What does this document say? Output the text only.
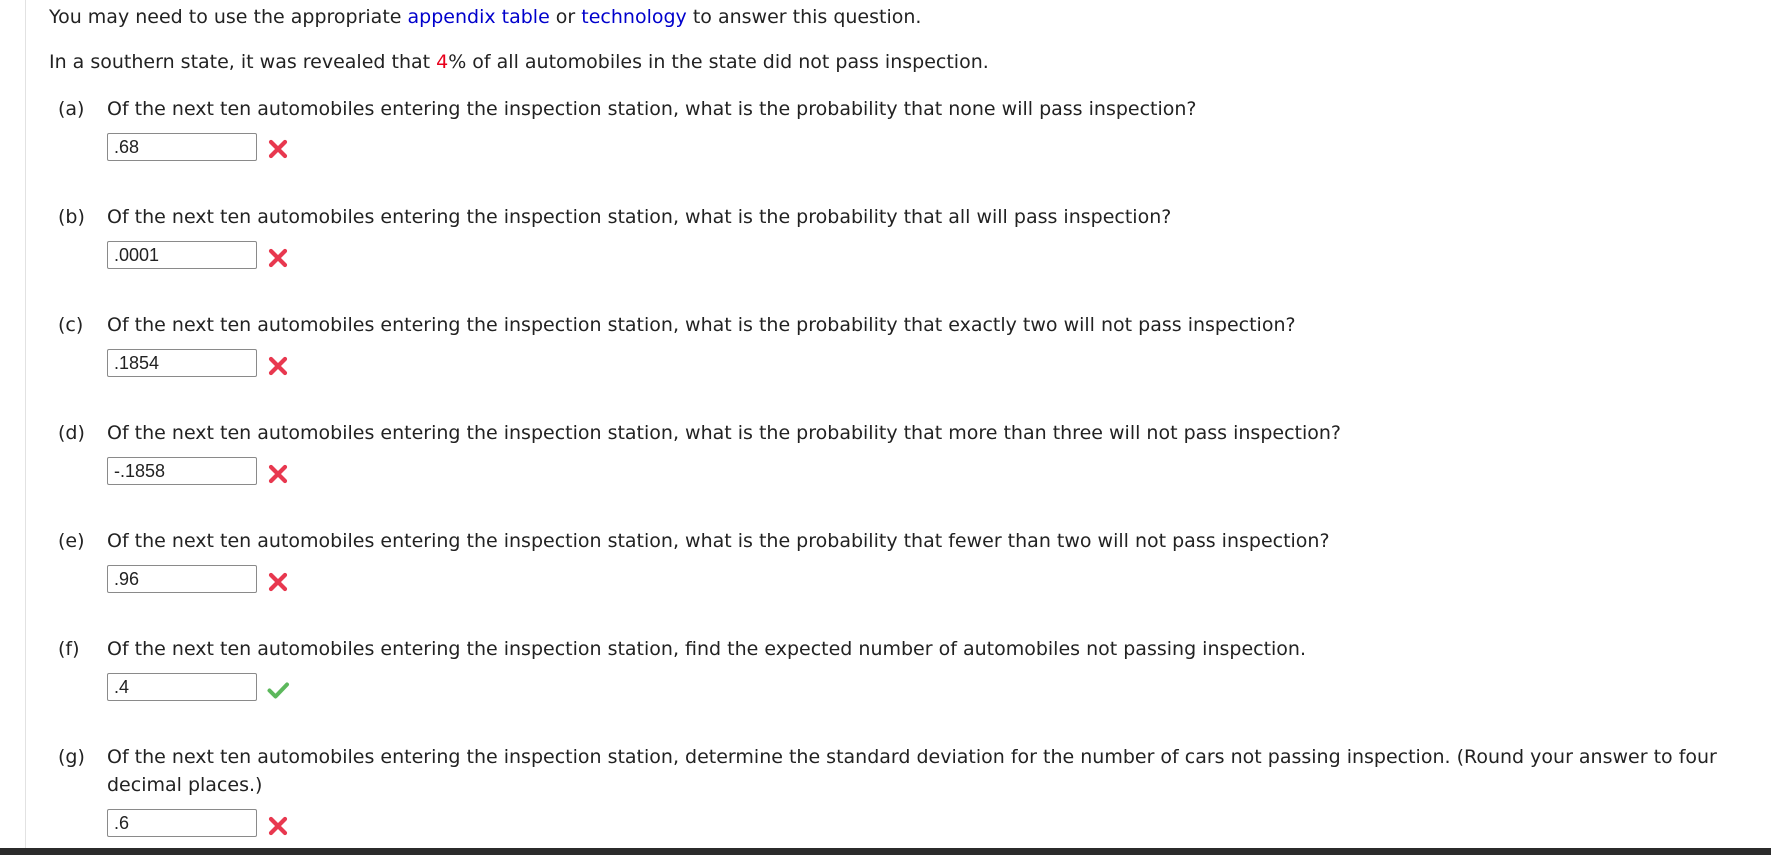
You may need to use the appropriate appendix table or technology to answer this question.
In a southern state, it was revealed that 4% of all automobiles in the state did not pass inspection.
(a) Of the next ten automobiles entering the inspection station, what is the probability that none will pass inspection?
.68
(b) Of the next ten automobiles entering the inspection station, what is the probability that all will pass inspection?
.0001
(c) Of the next ten automobiles entering the inspection station, what is the probability that exactly two will not pass inspection?
.1854
(d) Of the next ten automobiles entering the inspection station, what is the probability that more than three will not pass inspection?
-.1858
(e) Of the next ten automobiles entering the inspection station, what is the probability that fewer than two will not pass inspection?
.96
(f) Of the next ten automobiles entering the inspection station, find the expected number of automobiles not passing inspection.
.4
(g) Of the next ten automobiles entering the inspection station, determine the standard deviation for the number of cars not passing inspection. (Round your answer to four decimal places.)
.6
